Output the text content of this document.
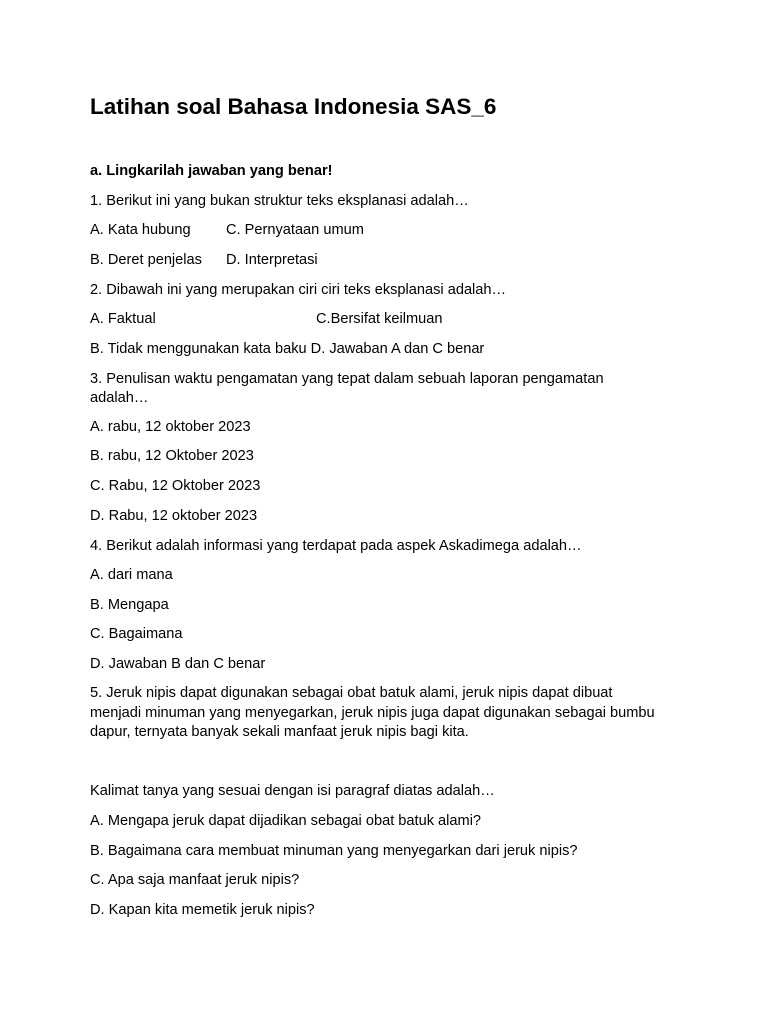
Latihan soal Bahasa Indonesia SAS_6

a. Lingkarilah jawaban yang benar!

1. Berikut ini yang bukan struktur teks eksplanasi adalah…

A. Kata hubung C. Pernyataan umum

B. Deret penjelas D. Interpretasi

2. Dibawah ini yang merupakan ciri ciri teks eksplanasi adalah…

A. Faktual	C.Bersifat keilmuan

B. Tidak menggunakan kata baku D. Jawaban A dan C benar

3. Penulisan waktu pengamatan yang tepat dalam sebuah laporan pengamatan

adalah…

A. rabu, 12 oktober 2023

B. rabu, 12 Oktober 2023

C. Rabu, 12 Oktober 2023

D. Rabu, 12 oktober 2023

4. Berikut adalah informasi yang terdapat pada aspek Askadimega adalah…

A. dari mana

B. Mengapa

C. Bagaimana

D. Jawaban B dan C benar

5. Jeruk nipis dapat digunakan sebagai obat batuk alami, jeruk nipis dapat dibuat

menjadi minuman yang menyegarkan, jeruk nipis juga dapat digunakan sebagai bumbu

dapur, ternyata banyak sekali manfaat jeruk nipis bagi kita.

Kalimat tanya yang sesuai dengan isi paragraf diatas adalah…

A. Mengapa jeruk dapat dijadikan sebagai obat batuk alami?

B. Bagaimana cara membuat minuman yang menyegarkan dari jeruk nipis?

C. Apa saja manfaat jeruk nipis?

D. Kapan kita memetik jeruk nipis?
